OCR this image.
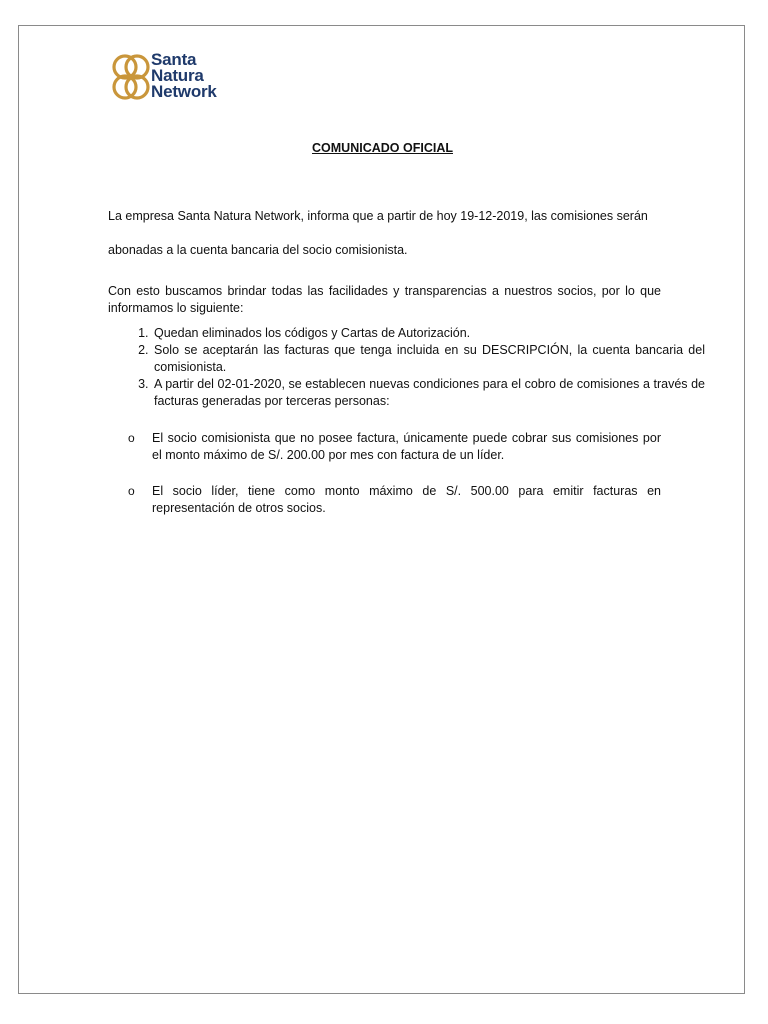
Santa
Natura
Network
COMUNICADO OFICIAL
La empresa Santa Natura Network, informa que a partir de hoy 19-12-2019, las comisiones serán abonadas a la cuenta bancaria del socio comisionista.
Con esto buscamos brindar todas las facilidades y transparencias a nuestros socios, por lo que informamos lo siguiente:
1. Quedan eliminados los códigos y Cartas de Autorización.
2. Solo se aceptarán las facturas que tenga incluida en su DESCRIPCIÓN, la cuenta bancaria del comisionista.
3. A partir del 02-01-2020, se establecen nuevas condiciones para el cobro de comisiones a través de facturas generadas por terceras personas:
o El socio comisionista que no posee factura, únicamente puede cobrar sus comisiones por el monto máximo de S/. 200.00 por mes con factura de un líder.
o El socio líder, tiene como monto máximo de S/. 500.00 para emitir facturas en representación de otros socios.
